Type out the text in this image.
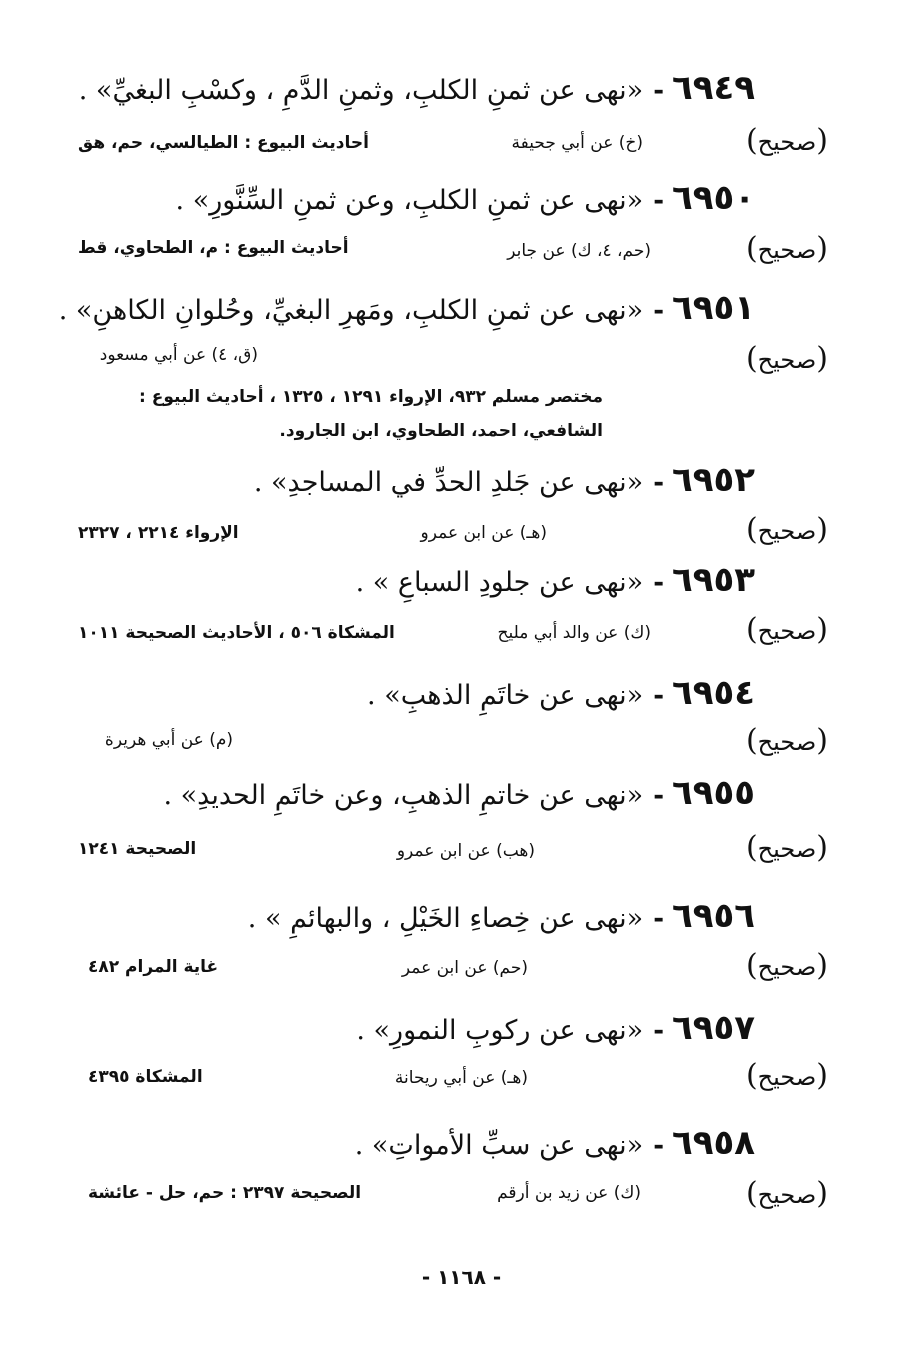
٦٩٤٩-«نهى عن ثمنِ الكلبِ، وثمنِ الدَّمِ ، وكسْبِ البغيِّ» .
(صحيح)
(خ) عن أبي جحيفة
أحاديث البيوع : الطيالسي، حم، هق
٦٩٥٠-«نهى عن ثمنِ الكلبِ، وعن ثمنِ السِّنَّورِ» .
(صحيح)
(حم، ٤، ك) عن جابر
أحاديث البيوع : م، الطحاوي، قط
٦٩٥١-«نهى عن ثمنِ الكلبِ، ومَهرِ البغيِّ، وحُلوانِ الكاهنِ» .
(صحيح)
(ق، ٤) عن أبي مسعود
مختصر مسلم ٩٣٢، الإرواء ١٢٩١ ، ١٣٢٥ ، أحاديث البيوع :
الشافعي، احمد، الطحاوي، ابن الجارود.
٦٩٥٢-«نهى عن جَلدِ الحدِّ في المساجدِ» .
(صحيح)
(هـ) عن ابن عمرو
الإرواء ٢٢١٤ ، ٢٣٢٧
٦٩٥٣-«نهى عن جلودِ السباعِ » .
(صحيح)
(ك) عن والد أبي مليح
المشكاة ٥٠٦ ، الأحاديث الصحيحة ١٠١١
٦٩٥٤-«نهى عن خاتَمِ الذهبِ» .
(صحيح)
(م) عن أبي هريرة
٦٩٥٥-«نهى عن خاتمِ الذهبِ، وعن خاتَمِ الحديدِ» .
(صحيح)
(هب) عن ابن عمرو
الصحيحة ١٢٤١
٦٩٥٦-«نهى عن خِصاءِ الخَيْلِ ، والبهائمِ » .
(صحيح)
(حم) عن ابن عمر
غاية المرام ٤٨٢
٦٩٥٧-«نهى عن ركوبِ النمورِ» .
(صحيح)
(هـ) عن أبي ريحانة
المشكاة ٤٣٩٥
٦٩٥٨-«نهى عن سبِّ الأمواتِ» .
(صحيح)
(ك) عن زيد بن أرقم
الصحيحة ٢٣٩٧ : حم، حل - عائشة
- ١١٦٨ -
